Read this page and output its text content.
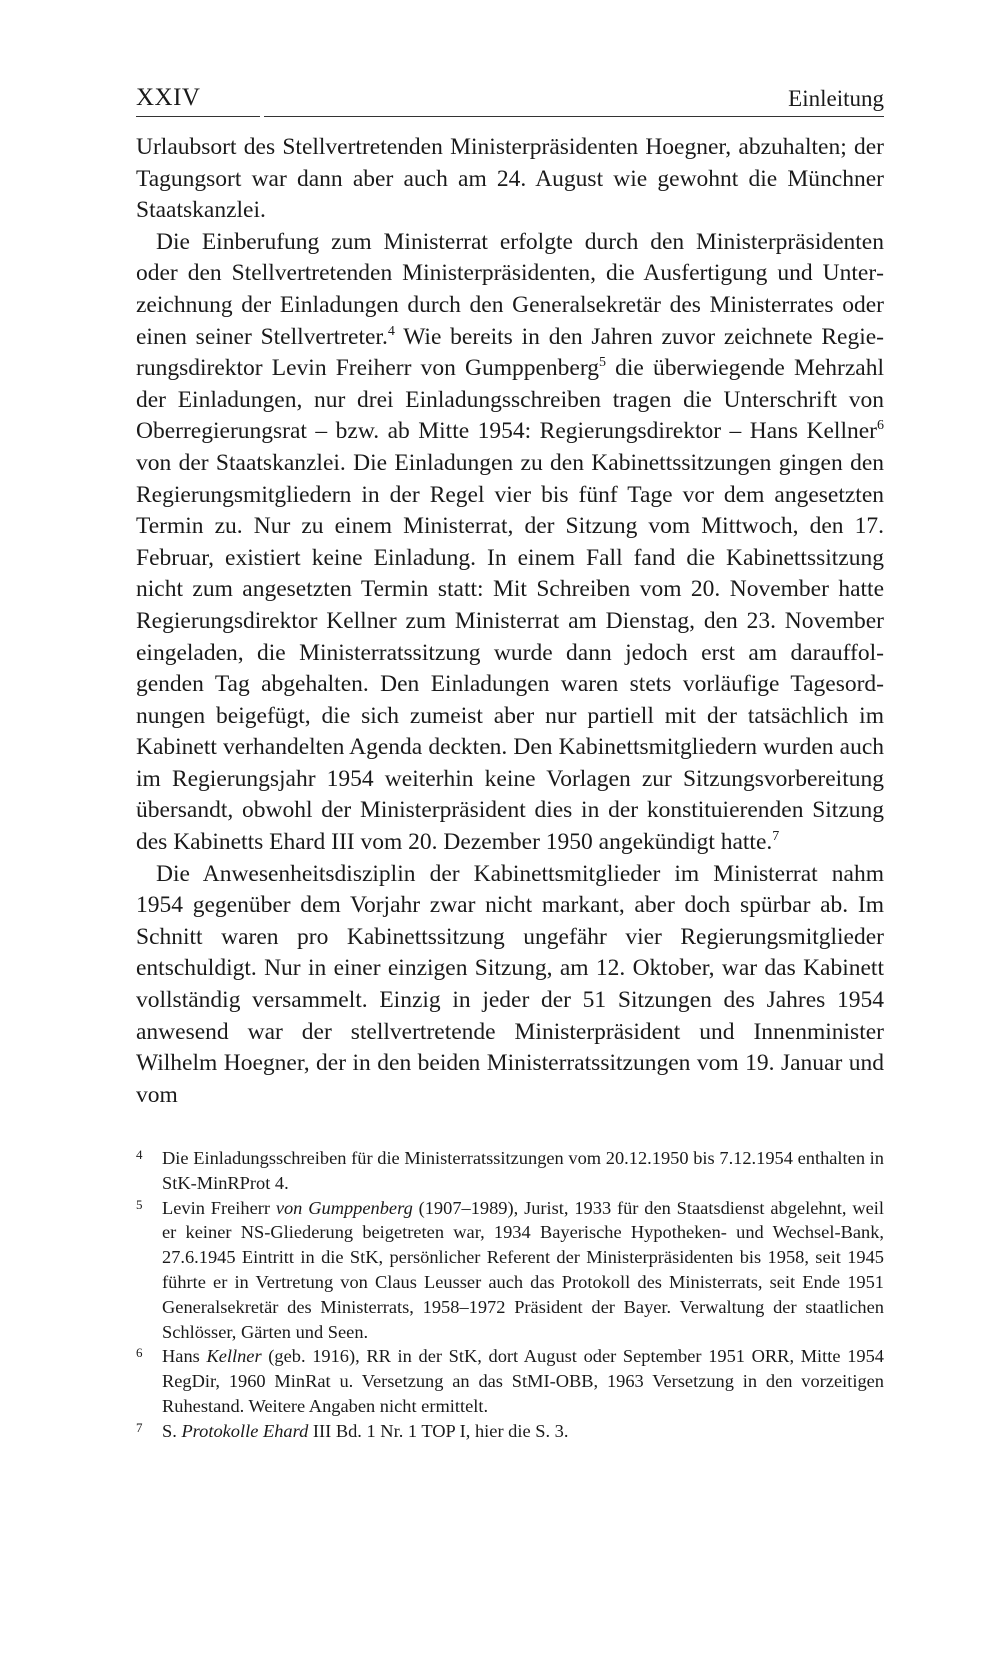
XXIV	Einleitung

Urlaubsort des Stellvertretenden Ministerpräsidenten Hoegner, abzuhalten; der Tagungsort war dann aber auch am 24. August wie gewohnt die Münchner Staatskanzlei.

Die Einberufung zum Ministerrat erfolgte durch den Ministerpräsidenten oder den Stellvertretenden Ministerpräsidenten, die Ausfertigung und Unterzeichnung der Einladungen durch den Generalsekretär des Ministerrates oder einen seiner Stellvertreter.$^4$ Wie bereits in den Jahren zuvor zeichnete Regierungsdirektor Levin Freiherr von Gumppenberg$^5$ die überwiegende Mehrzahl der Einladungen, nur drei Einladungsschreiben tragen die Unterschrift von Oberregierungsrat – bzw. ab Mitte 1954: Regierungsdirektor – Hans Kellner$^6$ von der Staatskanzlei. Die Einladungen zu den Kabinettssitzungen gingen den Regierungsmitgliedern in der Regel vier bis fünf Tage vor dem angesetzten Termin zu. Nur zu einem Ministerrat, der Sitzung vom Mittwoch, den 17. Februar, existiert keine Einladung. In einem Fall fand die Kabinettssitzung nicht zum angesetzten Termin statt: Mit Schreiben vom 20. November hatte Regierungsdirektor Kellner zum Ministerrat am Dienstag, den 23. November eingeladen, die Ministerratssitzung wurde dann jedoch erst am darauffolgenden Tag abgehalten. Den Einladungen waren stets vorläufige Tagesordnungen beigefügt, die sich zumeist aber nur partiell mit der tatsächlich im Kabinett verhandelten Agenda deckten. Den Kabinettsmitgliedern wurden auch im Regierungsjahr 1954 weiterhin keine Vorlagen zur Sitzungsvorbereitung übersandt, obwohl der Ministerpräsident dies in der konstituierenden Sitzung des Kabinetts Ehard III vom 20. Dezember 1950 angekündigt hatte.$^7$

Die Anwesenheitsdisziplin der Kabinettsmitglieder im Ministerrat nahm 1954 gegenüber dem Vorjahr zwar nicht markant, aber doch spürbar ab. Im Schnitt waren pro Kabinettssitzung ungefähr vier Regierungsmitglieder entschuldigt. Nur in einer einzigen Sitzung, am 12. Oktober, war das Kabinett vollständig versammelt. Einzig in jeder der 51 Sitzungen des Jahres 1954 anwesend war der stellvertretende Ministerpräsident und Innenminister Wilhelm Hoegner, der in den beiden Ministerratssitzungen vom 19. Januar und vom

4 Die Einladungsschreiben für die Ministerratssitzungen vom 20.12.1950 bis 7.12.1954 enthalten in StK-MinRProt 4.

5 Levin Freiherr von Gumppenberg (1907–1989), Jurist, 1933 für den Staatsdienst abgelehnt, weil er keiner NS-Gliederung beigetreten war, 1934 Bayerische Hypotheken- und Wechsel-Bank, 27.6.1945 Eintritt in die StK, persönlicher Referent der Ministerpräsidenten bis 1958, seit 1945 führte er in Vertretung von Claus Leusser auch das Protokoll des Ministerrats, seit Ende 1951 Generalsekretär des Ministerrats, 1958–1972 Präsident der Bayer. Verwaltung der staatlichen Schlösser, Gärten und Seen.

6 Hans Kellner (geb. 1916), RR in der StK, dort August oder September 1951 ORR, Mitte 1954 RegDir, 1960 MinRat u. Versetzung an das StMI-OBB, 1963 Versetzung in den vorzeitigen Ruhestand. Weitere Angaben nicht ermittelt.

7 S. Protokolle Ehard III Bd. 1 Nr. 1 TOP I, hier die S. 3.
